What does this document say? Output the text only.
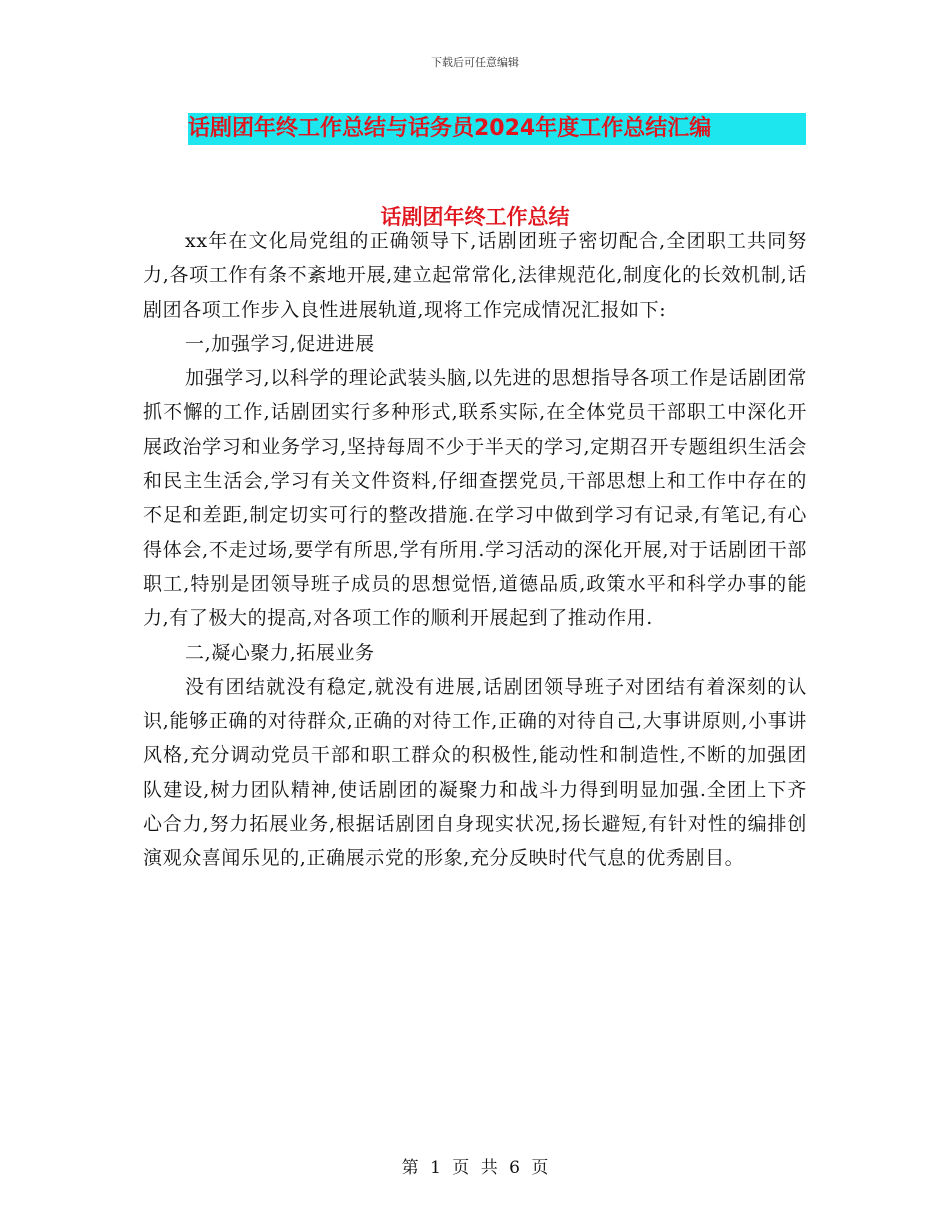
下载后可任意编辑
话剧团年终工作总结与话务员2024年度工作总结汇编
话剧团年终工作总结

xx年在文化局党组的正确领导下,话剧团班子密切配合,全团职工共同努力,各项工作有条不紊地开展,建立起常常化,法律规范化,制度化的长效机制,话剧团各项工作步入良性进展轨道,现将工作完成情况汇报如下:

一,加强学习,促进进展

加强学习,以科学的理论武装头脑,以先进的思想指导各项工作是话剧团常抓不懈的工作,话剧团实行多种形式,联系实际,在全体党员干部职工中深化开展政治学习和业务学习,坚持每周不少于半天的学习,定期召开专题组织生活会和民主生活会,学习有关文件资料,仔细查摆党员,干部思想上和工作中存在的不足和差距,制定切实可行的整改措施.在学习中做到学习有记录,有笔记,有心得体会,不走过场,要学有所思,学有所用.学习活动的深化开展,对于话剧团干部职工,特别是团领导班子成员的思想觉悟,道德品质,政策水平和科学办事的能力,有了极大的提高,对各项工作的顺利开展起到了推动作用.

二,凝心聚力,拓展业务

没有团结就没有稳定,就没有进展,话剧团领导班子对团结有着深刻的认识,能够正确的对待群众,正确的对待工作,正确的对待自己,大事讲原则,小事讲风格,充分调动党员干部和职工群众的积极性,能动性和制造性,不断的加强团队建设,树力团队精神,使话剧团的凝聚力和战斗力得到明显加强.全团上下齐心合力,努力拓展业务,根据话剧团自身现实状况,扬长避短,有针对性的编排创演观众喜闻乐见的,正确展示党的形象,充分反映时代气息的优秀剧目。

第 1 页 共 6 页
